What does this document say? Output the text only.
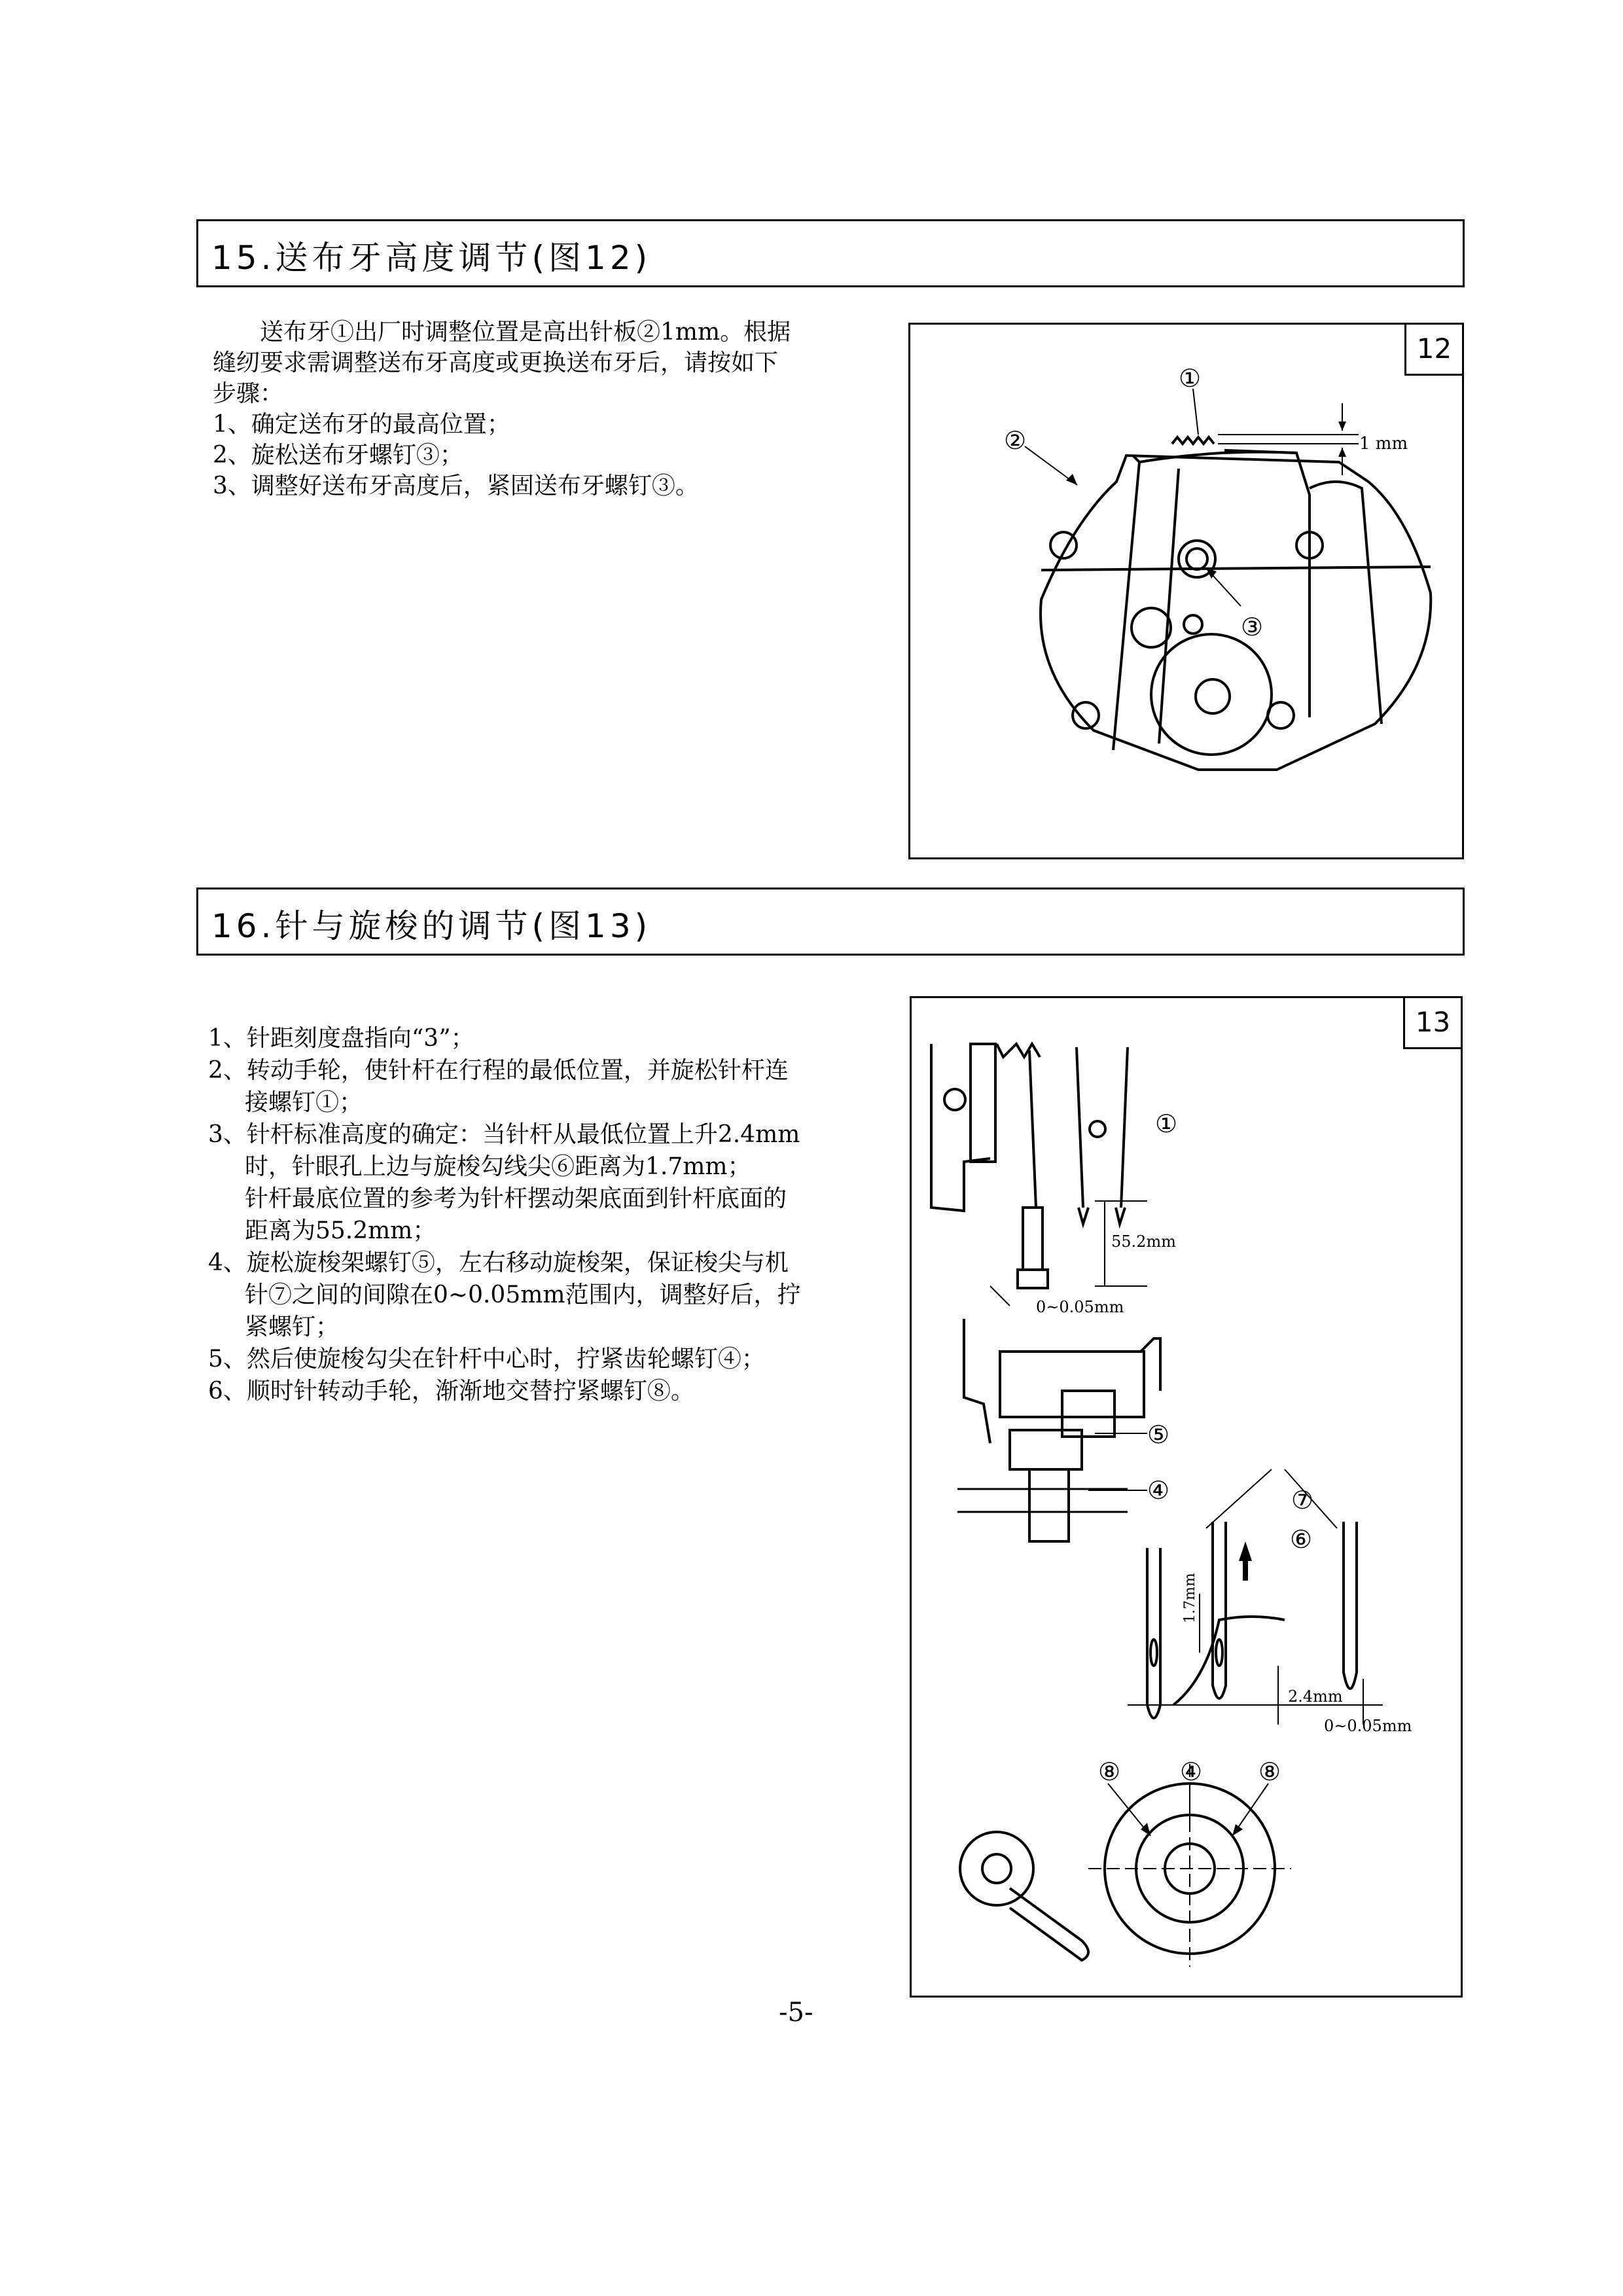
15.送布牙高度调节(图12)

　　送布牙①出厂时调整位置是高出针板②1mm。根据

缝纫要求需调整送布牙高度或更换送布牙后，请按如下

步骤：

1、确定送布牙的最高位置；

2、旋松送布牙螺钉③；

3、调整好送布牙高度后，紧固送布牙螺钉③。

12
①
②
③
1 mm
16.针与旋梭的调节(图13)

1、针距刻度盘指向“3”；

2、转动手轮，使针杆在行程的最低位置，并旋松针杆连

接螺钉①；

3、针杆标准高度的确定：当针杆从最低位置上升2.4mm

时，针眼孔上边与旋梭勾线尖⑥距离为1.7mm；

针杆最底位置的参考为针杆摆动架底面到针杆底面的

距离为55.2mm；

4、旋松旋梭架螺钉⑤，左右移动旋梭架，保证梭尖与机

针⑦之间的间隙在0~0.05mm范围内，调整好后，拧

紧螺钉；

5、然后使旋梭勾尖在针杆中心时，拧紧齿轮螺钉④；

6、顺时针转动手轮，渐渐地交替拧紧螺钉⑧。

13
①
55.2mm
0~0.05mm
⑤
④	⑦
⑥
1.7mm
2.4mm
0~0.05mm
⑧ ④ ⑧
-5-
